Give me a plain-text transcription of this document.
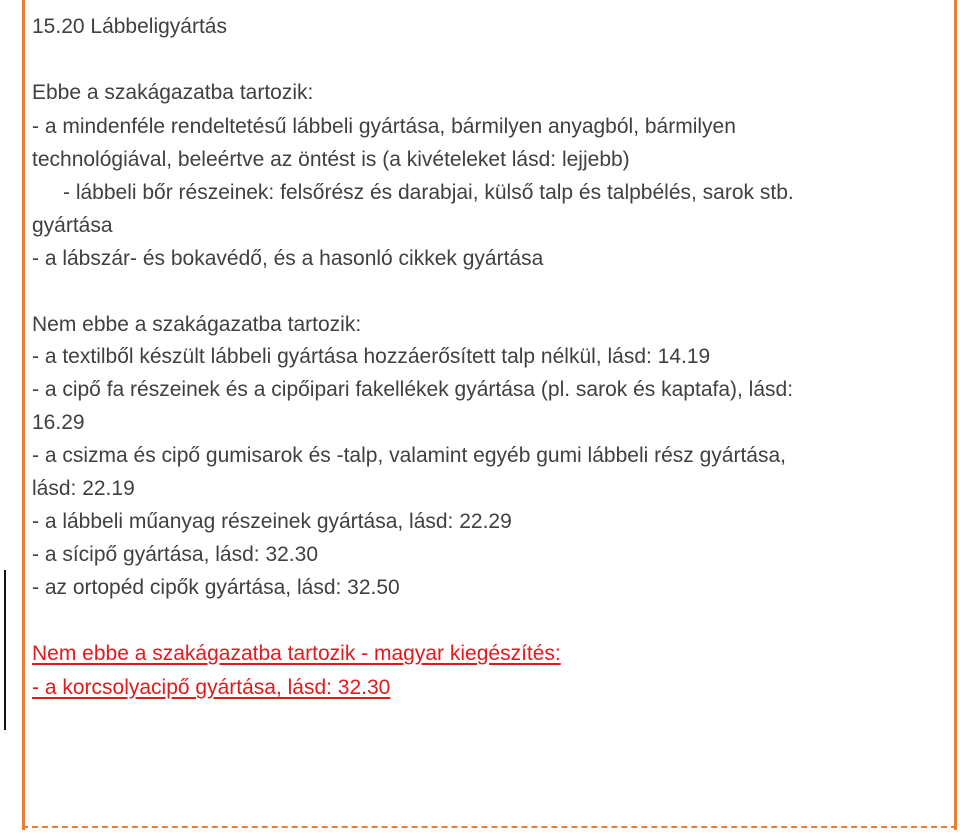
15.20 Lábbeligyártás
Ebbe a szakágazatba tartozik:
- a mindenféle rendeltetésű lábbeli gyártása, bármilyen anyagból, bármilyen
technológiával, beleértve az öntést is (a kivételeket lásd: lejjebb)
- lábbeli bőr részeinek: felsőrész és darabjai, külső talp és talpbélés, sarok stb.
gyártása
- a lábszár- és bokavédő, és a hasonló cikkek gyártása
Nem ebbe a szakágazatba tartozik:
- a textilből készült lábbeli gyártása hozzáerősített talp nélkül, lásd: 14.19
- a cipő fa részeinek és a cipőipari fakellékek gyártása (pl. sarok és kaptafa), lásd:
16.29
- a csizma és cipő gumisarok és -talp, valamint egyéb gumi lábbeli rész gyártása,
lásd: 22.19
- a lábbeli műanyag részeinek gyártása, lásd: 22.29
- a sícipő gyártása, lásd: 32.30
- az ortopéd cipők gyártása, lásd: 32.50
Nem ebbe a szakágazatba tartozik - magyar kiegészítés:
- a korcsolyacipő gyártása, lásd: 32.30
